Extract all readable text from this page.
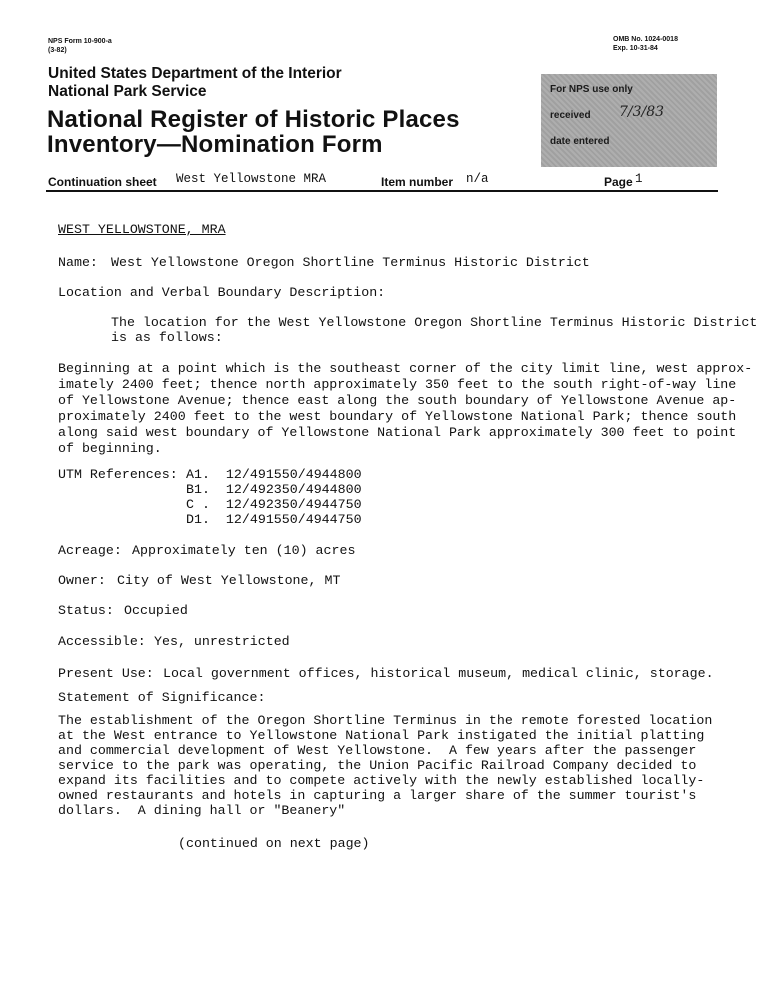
NPS Form 10-900-a
(3-82)
OMB No. 1024-0018
Exp. 10-31-84
United States Department of the Interior
National Park Service
National Register of Historic Places
Inventory—Nomination Form
For NPS use only
received 7/3/83
date entered
Continuation sheet West Yellowstone MRA	Item number n/a	Page 1
WEST YELLOWSTONE, MRA
Name: West Yellowstone Oregon Shortline Terminus Historic District
Location and Verbal Boundary Description:
The location for the West Yellowstone Oregon Shortline Terminus Historic District
is as follows:
Beginning at a point which is the southeast corner of the city limit line, west approx-
imately 2400 feet; thence north approximately 350 feet to the south right-of-way line
of Yellowstone Avenue; thence east along the south boundary of Yellowstone Avenue ap-
proximately 2400 feet to the west boundary of Yellowstone National Park; thence south
along said west boundary of Yellowstone National Park approximately 300 feet to point
of beginning.
UTM References: A1. 12/491550/4944800
B1. 12/492350/4944800
C . 12/492350/4944750
D1. 12/491550/4944750
Acreage: Approximately ten (10) acres
Owner: City of West Yellowstone, MT
Status: Occupied
Accessible: Yes, unrestricted
Present Use: Local government offices, historical museum, medical clinic, storage.
Statement of Significance:
The establishment of the Oregon Shortline Terminus in the remote forested location
at the West entrance to Yellowstone National Park instigated the initial platting
and commercial development of West Yellowstone.  A few years after the passenger
service to the park was operating, the Union Pacific Railroad Company decided to
expand its facilities and to compete actively with the newly established locally-
owned restaurants and hotels in capturing a larger share of the summer tourist's
dollars.  A dining hall or "Beanery"
(continued on next page)
